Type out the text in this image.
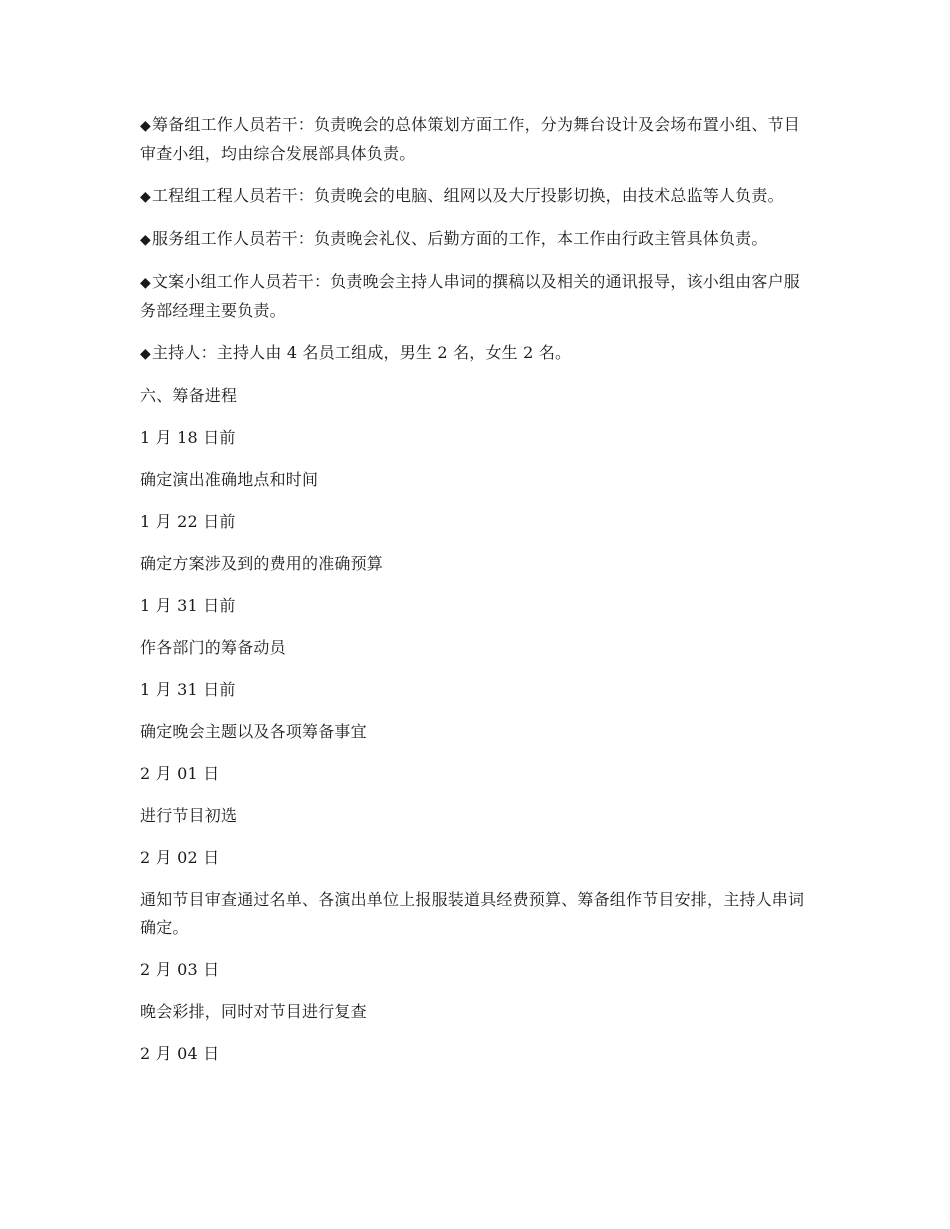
◆筹备组工作人员若干：负责晚会的总体策划方面工作，分为舞台设计及会场布置小组、节目审查小组，均由综合发展部具体负责。

◆工程组工程人员若干：负责晚会的电脑、组网以及大厅投影切换，由技术总监等人负责。

◆服务组工作人员若干：负责晚会礼仪、后勤方面的工作，本工作由行政主管具体负责。

◆文案小组工作人员若干：负责晚会主持人串词的撰稿以及相关的通讯报导，该小组由客户服务部经理主要负责。

◆主持人：主持人由 4 名员工组成，男生 2 名，女生 2 名。

六、筹备进程

1 月 18 日前

确定演出准确地点和时间

1 月 22 日前

确定方案涉及到的费用的准确预算

1 月 31 日前

作各部门的筹备动员

1 月 31 日前

确定晚会主题以及各项筹备事宜

2 月 01 日

进行节目初选

2 月 02 日

通知节目审查通过名单、各演出单位上报服装道具经费预算、筹备组作节目安排，主持人串词确定。

2 月 03 日

晚会彩排，同时对节目进行复查

2 月 04 日
